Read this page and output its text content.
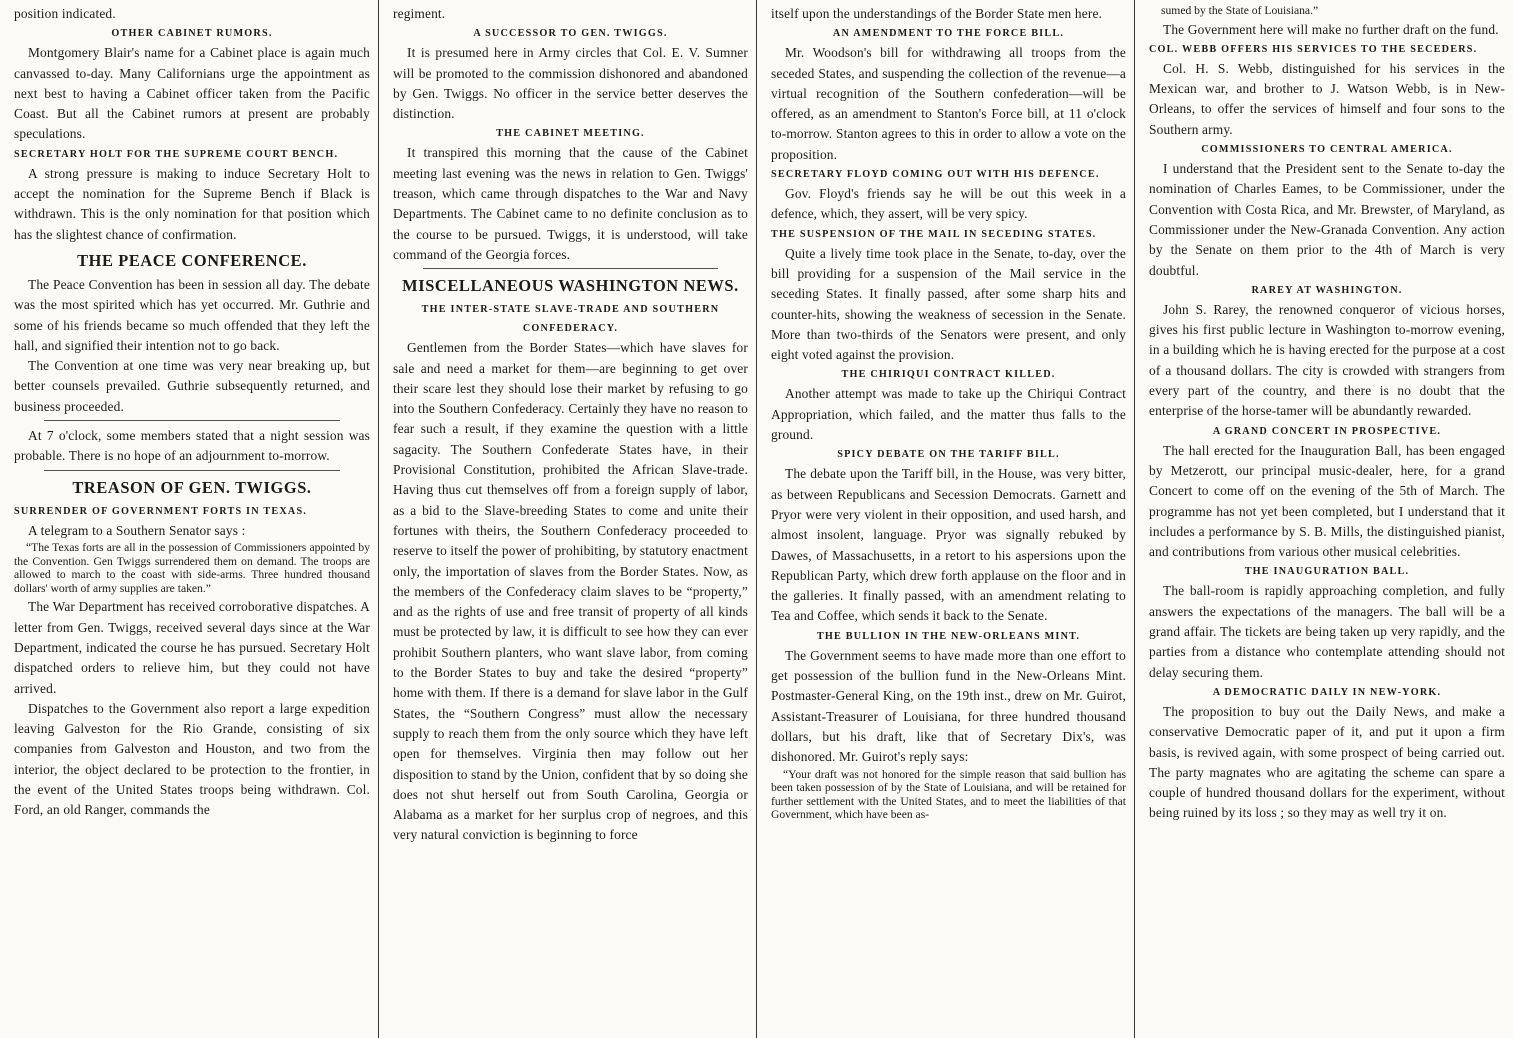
position indicated.

OTHER CABINET RUMORS.

Montgomery Blair's name for a Cabinet place is again much canvassed to-day. Many Californians urge the appointment as next best to having a Cabinet officer taken from the Pacific Coast. But all the Cabinet rumors at present are probably speculations.

SECRETARY HOLT FOR THE SUPREME COURT BENCH.

A strong pressure is making to induce Secretary Holt to accept the nomination for the Supreme Bench if Black is withdrawn. This is the only nomination for that position which has the slightest chance of confirmation.

THE PEACE CONFERENCE.

The Peace Convention has been in session all day. The debate was the most spirited which has yet occurred. Mr. Guthrie and some of his friends became so much offended that they left the hall, and signified their intention not to go back.

The Convention at one time was very near breaking up, but better counsels prevailed. Guthrie subsequently returned, and business proceeded.

At 7 o'clock, some members stated that a night session was probable. There is no hope of an adjournment to-morrow.

TREASON OF GEN. TWIGGS.
SURRENDER OF GOVERNMENT FORTS IN TEXAS.

A telegram to a Southern Senator says :

“The Texas forts are all in the possession of Commissioners appointed by the Convention. Gen Twiggs surrendered them on demand. The troops are allowed to march to the coast with side-arms. Three hundred thousand dollars' worth of army supplies are taken.”

The War Department has received corroborative dispatches. A letter from Gen. Twiggs, received several days since at the War Department, indicated the course he has pursued. Secretary Holt dispatched orders to relieve him, but they could not have arrived.

Dispatches to the Government also report a large expedition leaving Galveston for the Rio Grande, consisting of six companies from Galveston and Houston, and two from the interior, the object declared to be protection to the frontier, in the event of the United States troops being withdrawn. Col. Ford, an old Ranger, commands the

regiment.

A SUCCESSOR TO GEN. TWIGGS.

It is presumed here in Army circles that Col. E. V. Sumner will be promoted to the commission dishonored and abandoned by Gen. Twiggs. No officer in the service better deserves the distinction.

THE CABINET MEETING.

It transpired this morning that the cause of the Cabinet meeting last evening was the news in relation to Gen. Twiggs' treason, which came through dispatches to the War and Navy Departments. The Cabinet came to no definite conclusion as to the course to be pursued. Twiggs, it is understood, will take command of the Georgia forces.

MISCELLANEOUS WASHINGTON NEWS.
THE INTER-STATE SLAVE-TRADE AND SOUTHERN CONFEDERACY.

Gentlemen from the Border States—which have slaves for sale and need a market for them—are beginning to get over their scare lest they should lose their market by refusing to go into the Southern Confederacy. Certainly they have no reason to fear such a result, if they examine the question with a little sagacity. The Southern Confederate States have, in their Provisional Constitution, prohibited the African Slave-trade. Having thus cut themselves off from a foreign supply of labor, as a bid to the Slave-breeding States to come and unite their fortunes with theirs, the Southern Confederacy proceeded to reserve to itself the power of prohibiting, by statutory enactment only, the importation of slaves from the Border States. Now, as the members of the Confederacy claim slaves to be “property,” and as the rights of use and free transit of property of all kinds must be protected by law, it is difficult to see how they can ever prohibit Southern planters, who want slave labor, from coming to the Border States to buy and take the desired “property” home with them. If there is a demand for slave labor in the Gulf States, the “Southern Congress” must allow the necessary supply to reach them from the only source which they have left open for themselves. Virginia then may follow out her disposition to stand by the Union, confident that by so doing she does not shut herself out from South Carolina, Georgia or Alabama as a market for her surplus crop of negroes, and this very natural conviction is beginning to force

itself upon the understandings of the Border State men here.

AN AMENDMENT TO THE FORCE BILL.

Mr. Woodson's bill for withdrawing all troops from the seceded States, and suspending the collection of the revenue—a virtual recognition of the Southern confederation—will be offered, as an amendment to Stanton's Force bill, at 11 o'clock to-morrow. Stanton agrees to this in order to allow a vote on the proposition.

SECRETARY FLOYD COMING OUT WITH HIS DEFENCE.

Gov. Floyd's friends say he will be out this week in a defence, which, they assert, will be very spicy.

THE SUSPENSION OF THE MAIL IN SECEDING STATES.

Quite a lively time took place in the Senate, to-day, over the bill providing for a suspension of the Mail service in the seceding States. It finally passed, after some sharp hits and counter-hits, showing the weakness of secession in the Senate. More than two-thirds of the Senators were present, and only eight voted against the provision.

THE CHIRIQUI CONTRACT KILLED.

Another attempt was made to take up the Chiriqui Contract Appropriation, which failed, and the matter thus falls to the ground.

SPICY DEBATE ON THE TARIFF BILL.

The debate upon the Tariff bill, in the House, was very bitter, as between Republicans and Secession Democrats. Garnett and Pryor were very violent in their opposition, and used harsh, and almost insolent, language. Pryor was signally rebuked by Dawes, of Massachusetts, in a retort to his aspersions upon the Republican Party, which drew forth applause on the floor and in the galleries. It finally passed, with an amendment relating to Tea and Coffee, which sends it back to the Senate.

THE BULLION IN THE NEW-ORLEANS MINT.

The Government seems to have made more than one effort to get possession of the bullion fund in the New-Orleans Mint. Postmaster-General King, on the 19th inst., drew on Mr. Guirot, Assistant-Treasurer of Louisiana, for three hundred thousand dollars, but his draft, like that of Secretary Dix's, was dishonored. Mr. Guirot's reply says:

“Your draft was not honored for the simple reason that said bullion has been taken possession of by the State of Louisiana, and will be retained for further settlement with the United States, and to meet the liabilities of that Government, which have been as-

sumed by the State of Louisiana.”

The Government here will make no further draft on the fund.

COL. WEBB OFFERS HIS SERVICES TO THE SECEDERS.

Col. H. S. Webb, distinguished for his services in the Mexican war, and brother to J. Watson Webb, is in New-Orleans, to offer the services of himself and four sons to the Southern army.

COMMISSIONERS TO CENTRAL AMERICA.

I understand that the President sent to the Senate to-day the nomination of Charles Eames, to be Commissioner, under the Convention with Costa Rica, and Mr. Brewster, of Maryland, as Commissioner under the New-Granada Convention. Any action by the Senate on them prior to the 4th of March is very doubtful.

RAREY AT WASHINGTON.

John S. Rarey, the renowned conqueror of vicious horses, gives his first public lecture in Washington to-morrow evening, in a building which he is having erected for the purpose at a cost of a thousand dollars. The city is crowded with strangers from every part of the country, and there is no doubt that the enterprise of the horse-tamer will be abundantly rewarded.

A GRAND CONCERT IN PROSPECTIVE.

The hall erected for the Inauguration Ball, has been engaged by Metzerott, our principal music-dealer, here, for a grand Concert to come off on the evening of the 5th of March. The programme has not yet been completed, but I understand that it includes a performance by S. B. Mills, the distinguished pianist, and contributions from various other musical celebrities.

THE INAUGURATION BALL.

The ball-room is rapidly approaching completion, and fully answers the expectations of the managers. The ball will be a grand affair. The tickets are being taken up very rapidly, and the parties from a distance who contemplate attending should not delay securing them.

A DEMOCRATIC DAILY IN NEW-YORK.

The proposition to buy out the Daily News, and make a conservative Democratic paper of it, and put it upon a firm basis, is revived again, with some prospect of being carried out. The party magnates who are agitating the scheme can spare a couple of hundred thousand dollars for the experiment, without being ruined by its loss ; so they may as well try it on.
